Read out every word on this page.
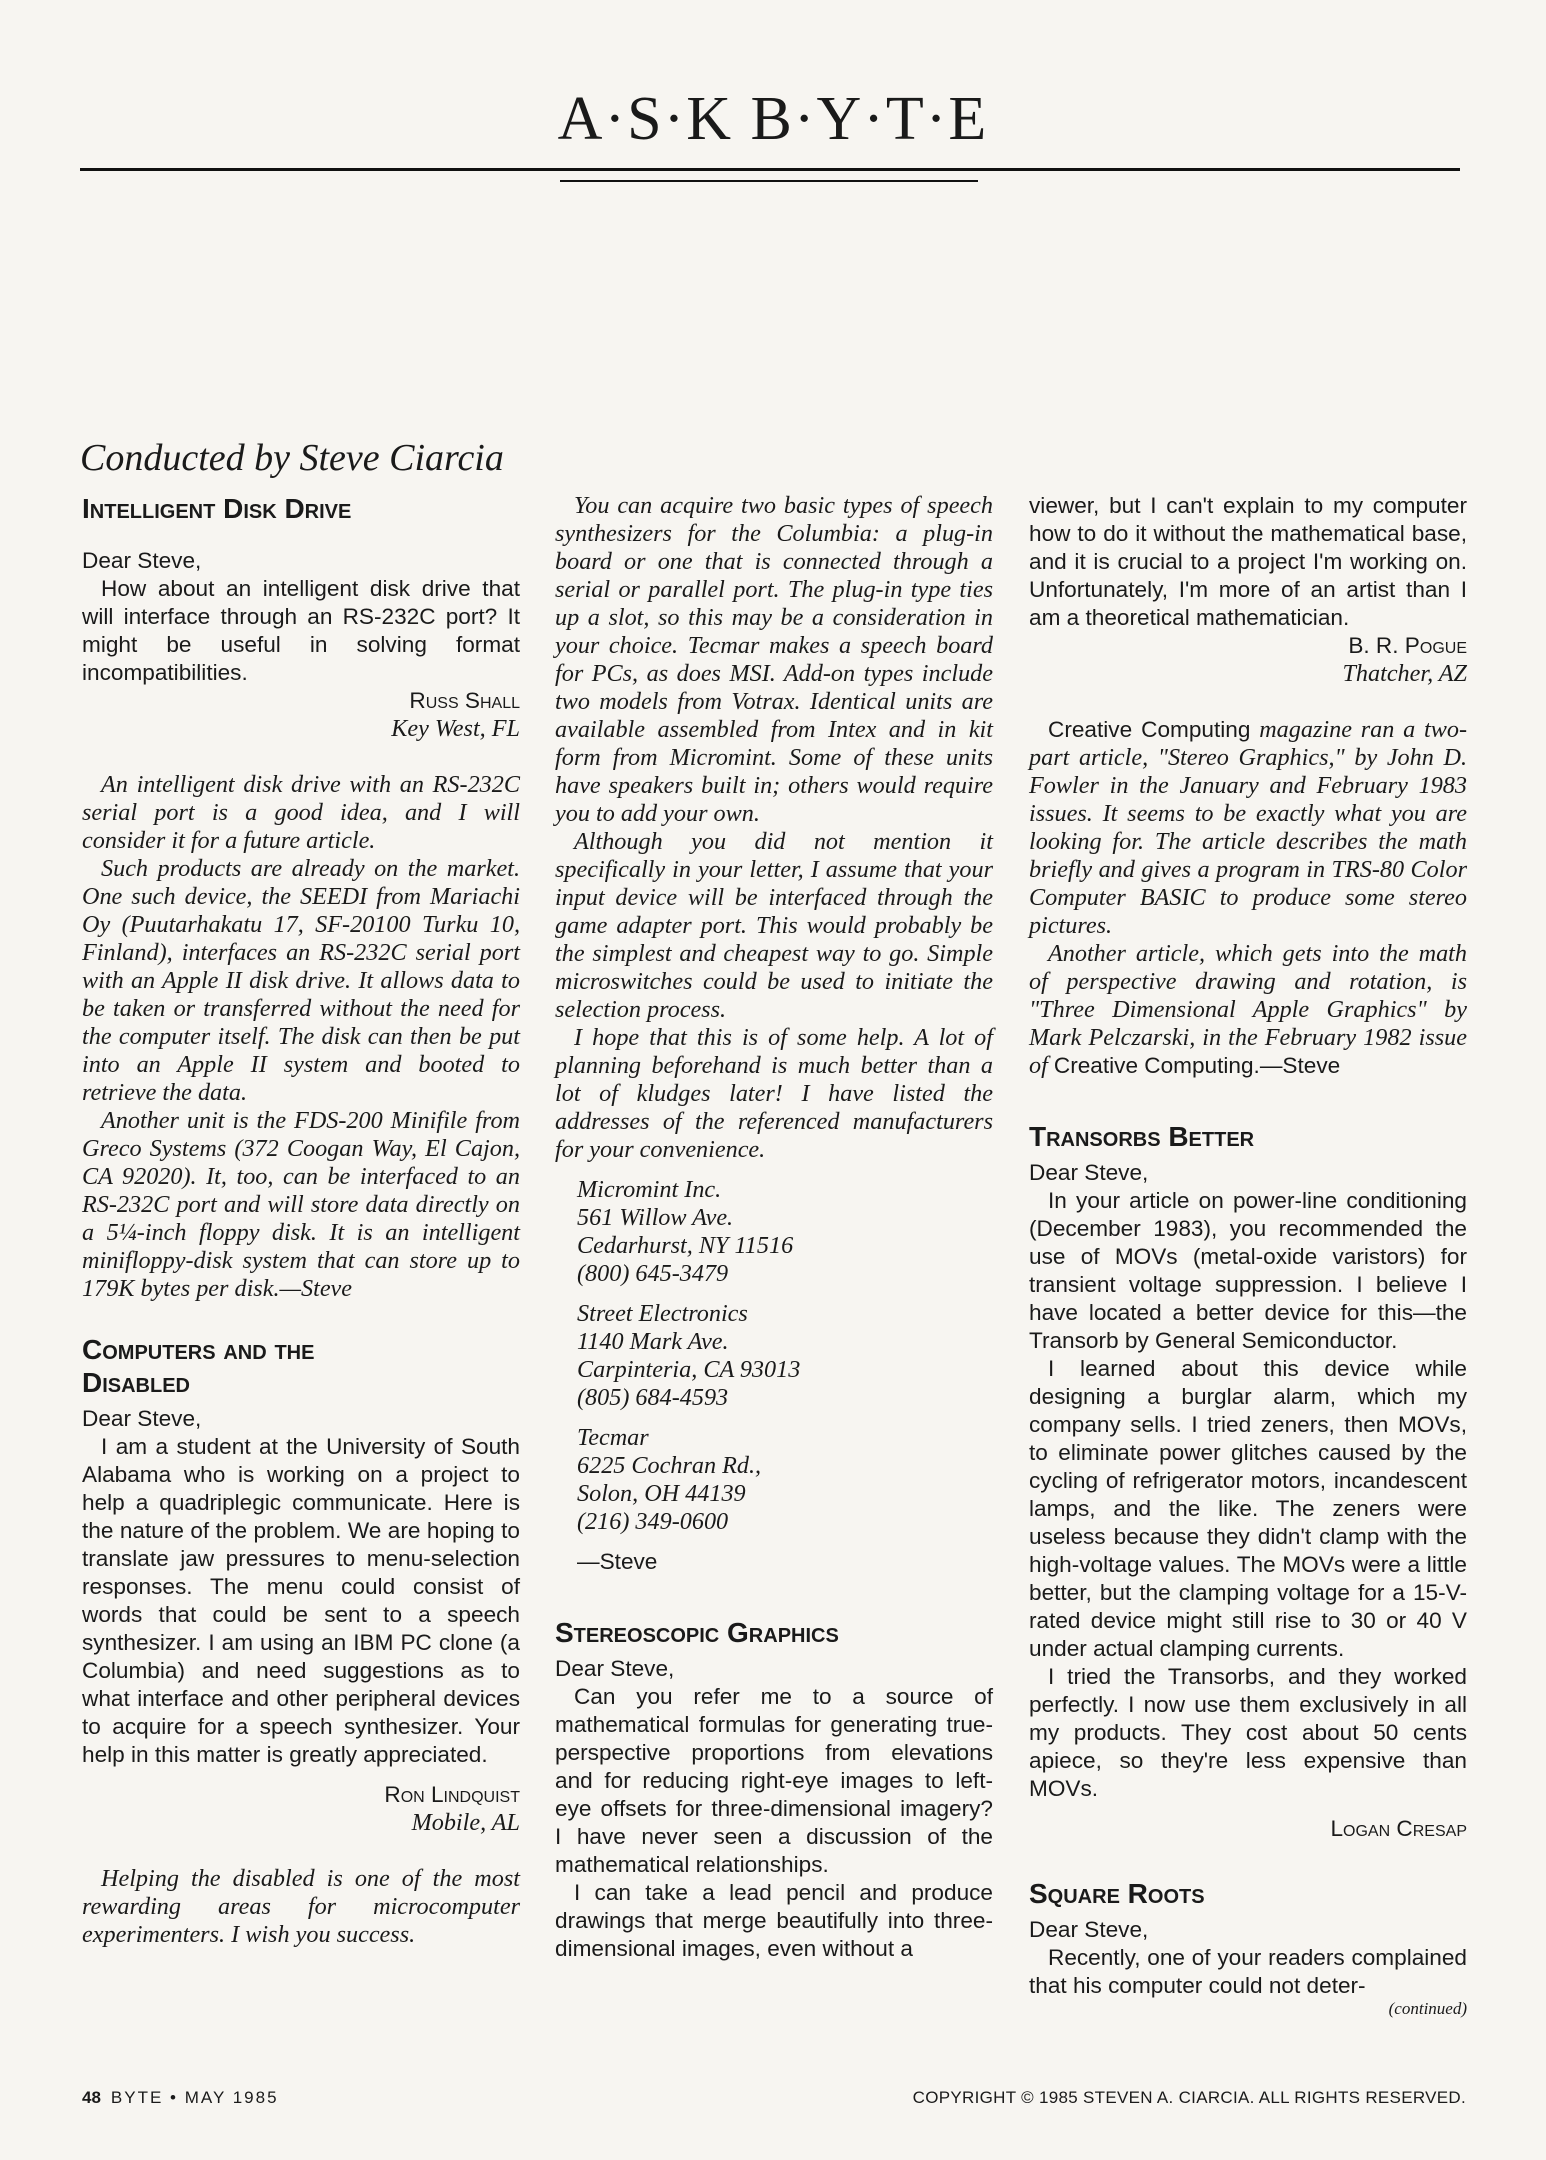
A·S·K B·Y·T·E
Conducted by Steve Ciarcia

Intelligent Disk Drive

Dear Steve,

How about an intelligent disk drive that will interface through an RS-232C port? It might be useful in solving format incompatibilities.

Russ Shall

Key West, FL

An intelligent disk drive with an RS-232C serial port is a good idea, and I will consider it for a future article.

Such products are already on the market. One such device, the SEEDI from Mariachi Oy (Puutarhakatu 17, SF-20100 Turku 10, Finland), interfaces an RS-232C serial port with an Apple II disk drive. It allows data to be taken or transferred without the need for the computer itself. The disk can then be put into an Apple II system and booted to retrieve the data.

Another unit is the FDS-200 Minifile from Greco Systems (372 Coogan Way, El Cajon, CA 92020). It, too, can be interfaced to an RS-232C port and will store data directly on a 5¼-inch floppy disk. It is an intelligent minifloppy-disk system that can store up to 179K bytes per disk.—Steve

Computers and the
Disabled

Dear Steve,

I am a student at the University of South Alabama who is working on a project to help a quadriplegic communicate. Here is the nature of the problem. We are hoping to translate jaw pressures to menu-selection responses. The menu could consist of words that could be sent to a speech synthesizer. I am using an IBM PC clone (a Columbia) and need suggestions as to what interface and other peripheral devices to acquire for a speech synthesizer. Your help in this matter is greatly appreciated.

Ron Lindquist

Mobile, AL

Helping the disabled is one of the most rewarding areas for microcomputer experimenters. I wish you success.

You can acquire two basic types of speech synthesizers for the Columbia: a plug-in board or one that is connected through a serial or parallel port. The plug-in type ties up a slot, so this may be a consideration in your choice. Tecmar makes a speech board for PCs, as does MSI. Add-on types include two models from Votrax. Identical units are available assembled from Intex and in kit form from Micromint. Some of these units have speakers built in; others would require you to add your own.

Although you did not mention it specifically in your letter, I assume that your input device will be interfaced through the game adapter port. This would probably be the simplest and cheapest way to go. Simple microswitches could be used to initiate the selection process.

I hope that this is of some help. A lot of planning beforehand is much better than a lot of kludges later! I have listed the addresses of the referenced manufacturers for your convenience.

Micromint Inc.

561 Willow Ave.

Cedarhurst, NY 11516

(800) 645-3479

Street Electronics

1140 Mark Ave.

Carpinteria, CA 93013

(805) 684-4593

Tecmar

6225 Cochran Rd.,

Solon, OH 44139

(216) 349-0600

—Steve

Stereoscopic Graphics

Dear Steve,

Can you refer me to a source of mathematical formulas for generating true-perspective proportions from elevations and for reducing right-eye images to left-eye offsets for three-dimensional imagery? I have never seen a discussion of the mathematical relationships.

I can take a lead pencil and produce drawings that merge beautifully into three-dimensional images, even without a

viewer, but I can't explain to my computer how to do it without the mathematical base, and it is crucial to a project I'm working on. Unfortunately, I'm more of an artist than I am a theoretical mathematician.

B. R. Pogue

Thatcher, AZ

Creative Computing magazine ran a two-part article, "Stereo Graphics," by John D. Fowler in the January and February 1983 issues. It seems to be exactly what you are looking for. The article describes the math briefly and gives a program in TRS-80 Color Computer BASIC to produce some stereo pictures.

Another article, which gets into the math of perspective drawing and rotation, is "Three Dimensional Apple Graphics" by Mark Pelczarski, in the February 1982 issue of Creative Computing.—Steve

Transorbs Better

Dear Steve,

In your article on power-line conditioning (December 1983), you recommended the use of MOVs (metal-oxide varistors) for transient voltage suppression. I believe I have located a better device for this—the Transorb by General Semiconductor.

I learned about this device while designing a burglar alarm, which my company sells. I tried zeners, then MOVs, to eliminate power glitches caused by the cycling of refrigerator motors, incandescent lamps, and the like. The zeners were useless because they didn't clamp with the high-voltage values. The MOVs were a little better, but the clamping voltage for a 15-V-rated device might still rise to 30 or 40 V under actual clamping currents.

I tried the Transorbs, and they worked perfectly. I now use them exclusively in all my products. They cost about 50 cents apiece, so they're less expensive than MOVs.

Logan Cresap

Square Roots

Dear Steve,

Recently, one of your readers complained that his computer could not deter-

(continued)

48 BYTE • MAY 1985	COPYRIGHT © 1985 STEVEN A. CIARCIA. ALL RIGHTS RESERVED.
